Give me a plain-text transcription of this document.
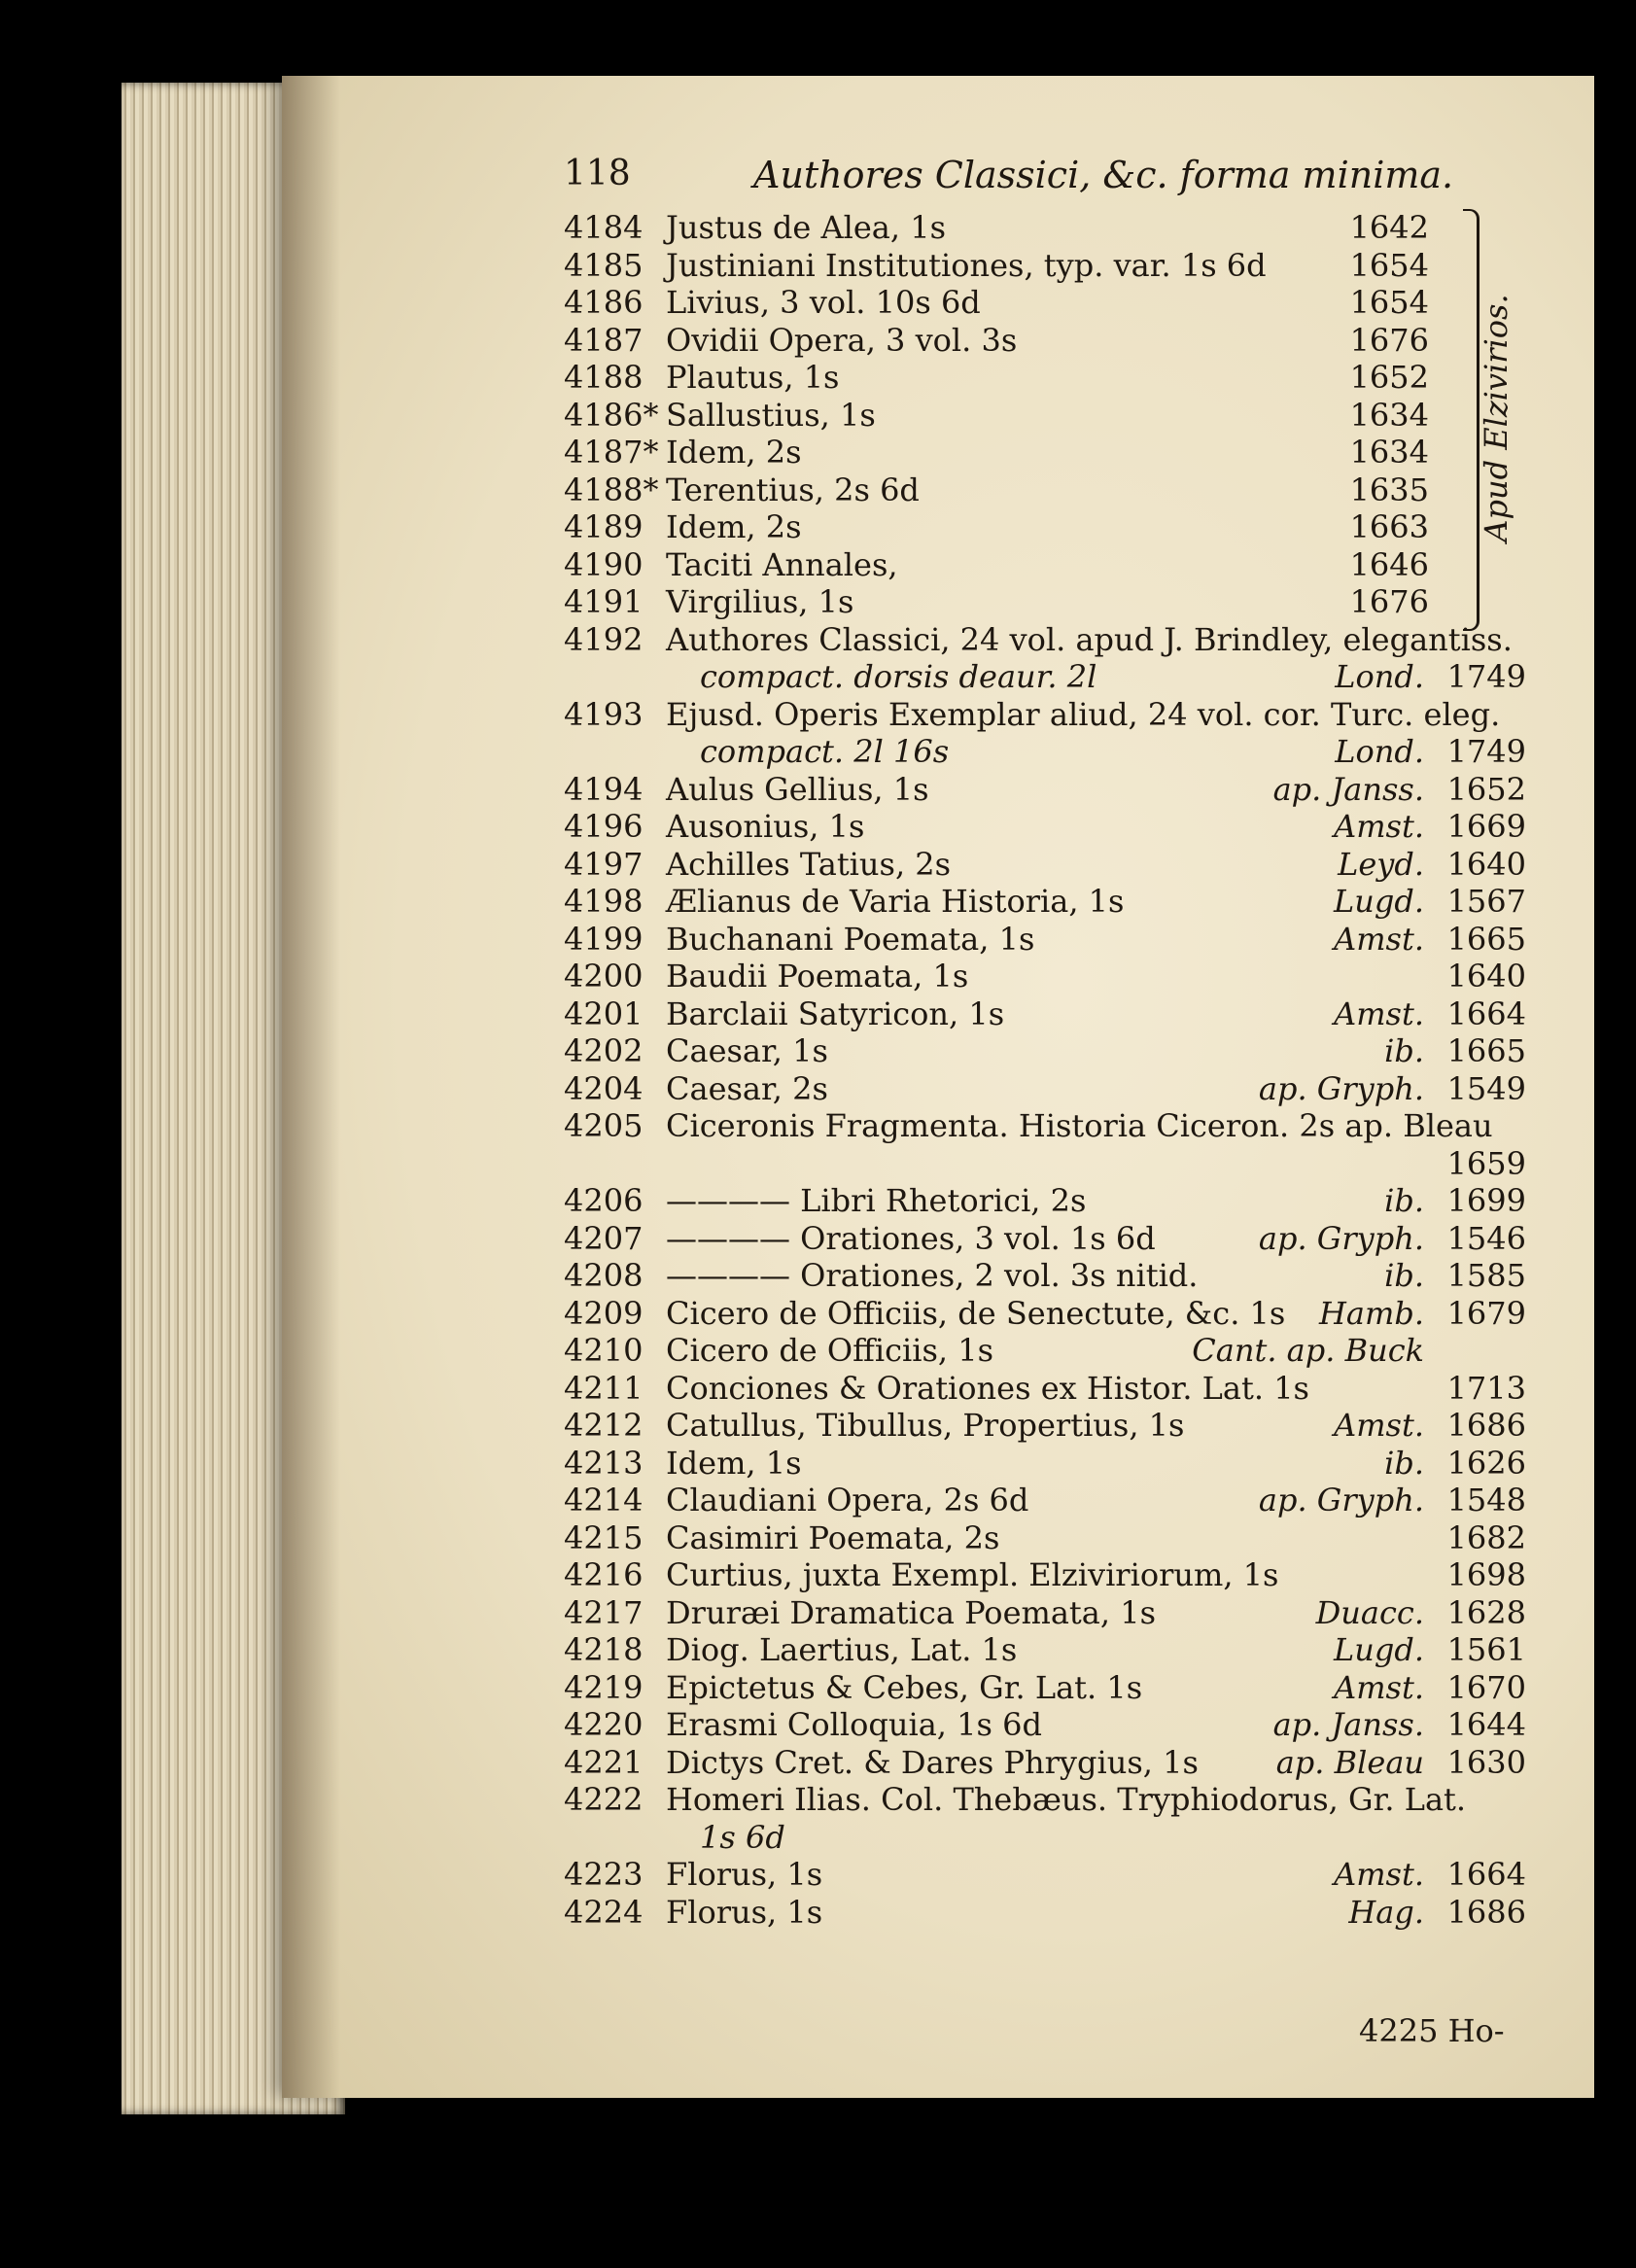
118	Authores Classici, &c. forma minima.
4184 Justus de Alea, 1s	1642
4185 Justiniani Institutiones, typ. var. 1s 6d	1654
4186 Livius, 3 vol. 10s 6d	1654
4187 Ovidii Opera, 3 vol. 3s	1676
4188 Plautus, 1s	1652
4186* Sallustius, 1s	1634
4187* Idem, 2s	1634
4188* Terentius, 2s 6d	1635
4189 Idem, 2s	1663
4190 Taciti Annales,	1646
4191 Virgilius, 1s	1676
4192 Authores Classici, 24 vol. apud J. Brindley, elegantiss.
compact. dorsis deaur. 2l	Lond. 1749
4193 Ejusd. Operis Exemplar aliud, 24 vol. cor. Turc. eleg.
compact. 2l 16s	Lond. 1749
4194 Aulus Gellius, 1s	ap. Janss. 1652
4196 Ausonius, 1s	Amst. 1669
4197 Achilles Tatius, 2s	Leyd. 1640
4198 Ælianus de Varia Historia, 1s	Lugd. 1567
4199 Buchanani Poemata, 1s	Amst. 1665
4200 Baudii Poemata, 1s	1640
4201 Barclaii Satyricon, 1s	Amst. 1664
4202 Caesar, 1s	ib. 1665
4204 Caesar, 2s	ap. Gryph. 1549
4205 Ciceronis Fragmenta. Historia Ciceron. 2s ap. Bleau
1659
4206 ———— Libri Rhetorici, 2s	ib. 1699
4207 ———— Orationes, 3 vol. 1s 6d	ap. Gryph. 1546
4208 ———— Orationes, 2 vol. 3s nitid.	ib. 1585
4209 Cicero de Officiis, de Senectute, &c. 1s Hamb. 1679
4210 Cicero de Officiis, 1s	Cant. ap. Buck
4211 Conciones & Orationes ex Histor. Lat. 1s	1713
4212 Catullus, Tibullus, Propertius, 1s	Amst. 1686
4213 Idem, 1s	ib. 1626
4214 Claudiani Opera, 2s 6d	ap. Gryph. 1548
4215 Casimiri Poemata, 2s	1682
4216 Curtius, juxta Exempl. Elziviriorum, 1s	1698
4217 Druræi Dramatica Poemata, 1s	Duacc. 1628
4218 Diog. Laertius, Lat. 1s	Lugd. 1561
4219 Epictetus & Cebes, Gr. Lat. 1s	Amst. 1670
4220 Erasmi Colloquia, 1s 6d	ap. Janss. 1644
4221 Dictys Cret. & Dares Phrygius, 1s ap. Bleau 1630
4222 Homeri Ilias. Col. Thebæus. Tryphiodorus, Gr. Lat.
1s 6d
4223 Florus, 1s	Amst. 1664
4224 Florus, 1s	Hag. 1686
Apud Elzivirios.
4225 Ho-
